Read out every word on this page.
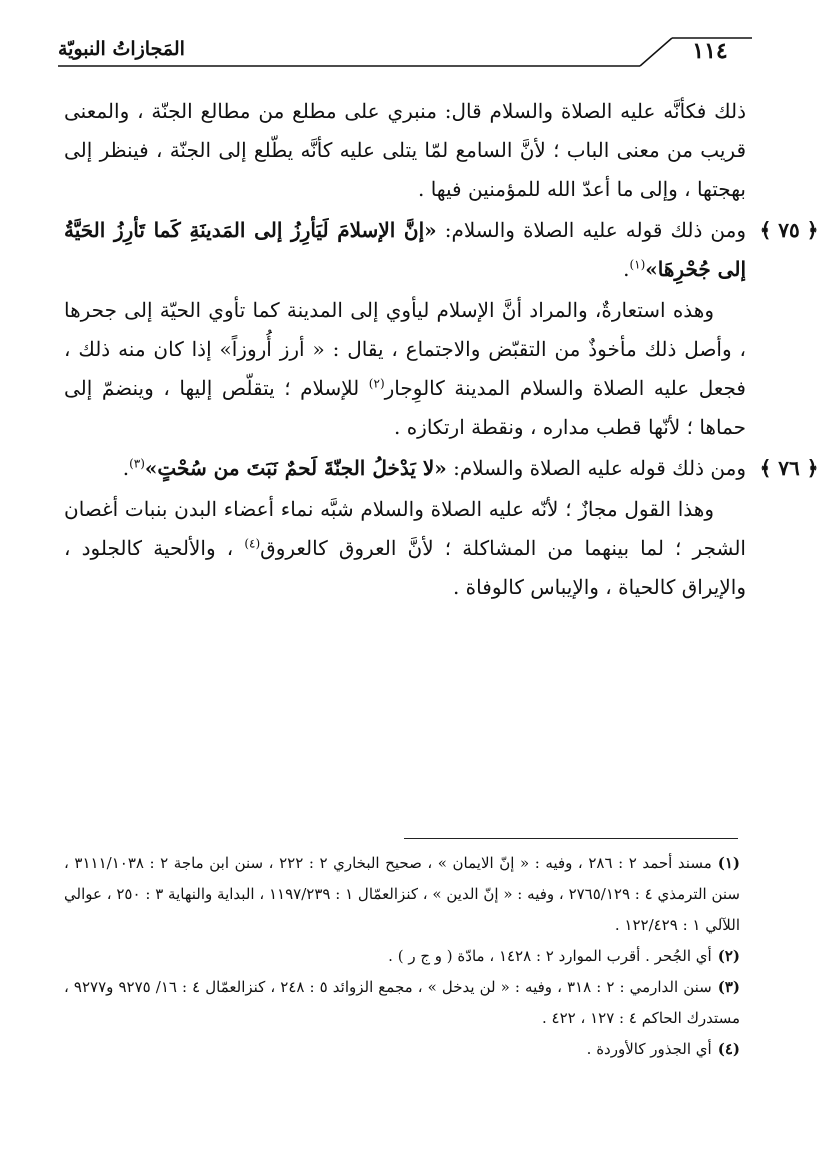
المَجازاتُ النبويّة	١١٤

ذلك فكأنَّه عليه الصلاة والسلام قال: منبري على مطلع من مطالع الجنّة ، والمعنى قريب من معنى الباب ؛ لأنَّ السامع لمّا يتلى عليه كأنَّه يطّلع إلى الجنّة ، فينظر إلى بهجتها ، وإلى ما أعدّ الله للمؤمنين فيها .

﴿ ٧٥ ﴾
ومن ذلك قوله عليه الصلاة والسلام: «إنَّ الإسلامَ لَيَأرِزُ إلى المَدينَةِ كَما تَأرِزُ الحَيَّةُ إلى جُحْرِهَا»$^{(١)}$.

وهذه استعارةٌ، والمراد أنَّ الإسلام ليأوي إلى المدينة كما تأوي الحيّة إلى جحرها ، وأصل ذلك مأخوذٌ من التقبّض والاجتماع ، يقال : « أرز أُروزاً» إذا كان منه ذلك ، فجعل عليه الصلاة والسلام المدينة كالوِجار$^{(٢)}$ للإسلام ؛ يتقلّص إليها ، وينضمّ إلى حماها ؛ لأنّها قطب مداره ، ونقطة ارتكازه .

﴿ ٧٦ ﴾
ومن ذلك قوله عليه الصلاة والسلام: «لا يَدْخلُ الجنّةَ لَحمٌ نَبَتَ من سُحْتٍ»$^{(٣)}$.

وهذا القول مجازٌ ؛ لأنّه عليه الصلاة والسلام شبَّه نماء أعضاء البدن بنبات أغصان الشجر ؛ لما بينهما من المشاكلة ؛ لأنَّ العروق كالعروق$^{(٤)}$ ، والألحية كالجلود ، والإيراق كالحياة ، والإيباس كالوفاة .

(١)مسند أحمد ٢ : ٢٨٦ ، وفيه : « إنّ الايمان » ، صحيح البخاري ٢ : ٢٢٢ ، سنن ابن ماجة ٢ : ٣١١١/١٠٣٨ ، سنن الترمذي ٤ : ٢٧٦٥/١٢٩ ، وفيه : « إنّ الدين » ، كنزالعمّال ١ : ١١٩٧/٢٣٩ ، البداية والنهاية ٣ : ٢٥٠ ، عوالي اللآلي ١ : ١٢٢/٤٢٩ .

(٢)أي الجُحر . أقرب الموارد ٢ : ١٤٢٨ ، مادّة ( و ج ر ) .

(٣)سنن الدارمي : ٢ : ٣١٨ ، وفيه : « لن يدخل » ، مجمع الزوائد ٥ : ٢٤٨ ، كنزالعمّال ٤ : ١٦/ ٩٢٧٥ و٩٢٧٧ ، مستدرك الحاكم ٤ : ١٢٧ ، ٤٢٢ .

(٤)أي الجذور كالأوردة .
